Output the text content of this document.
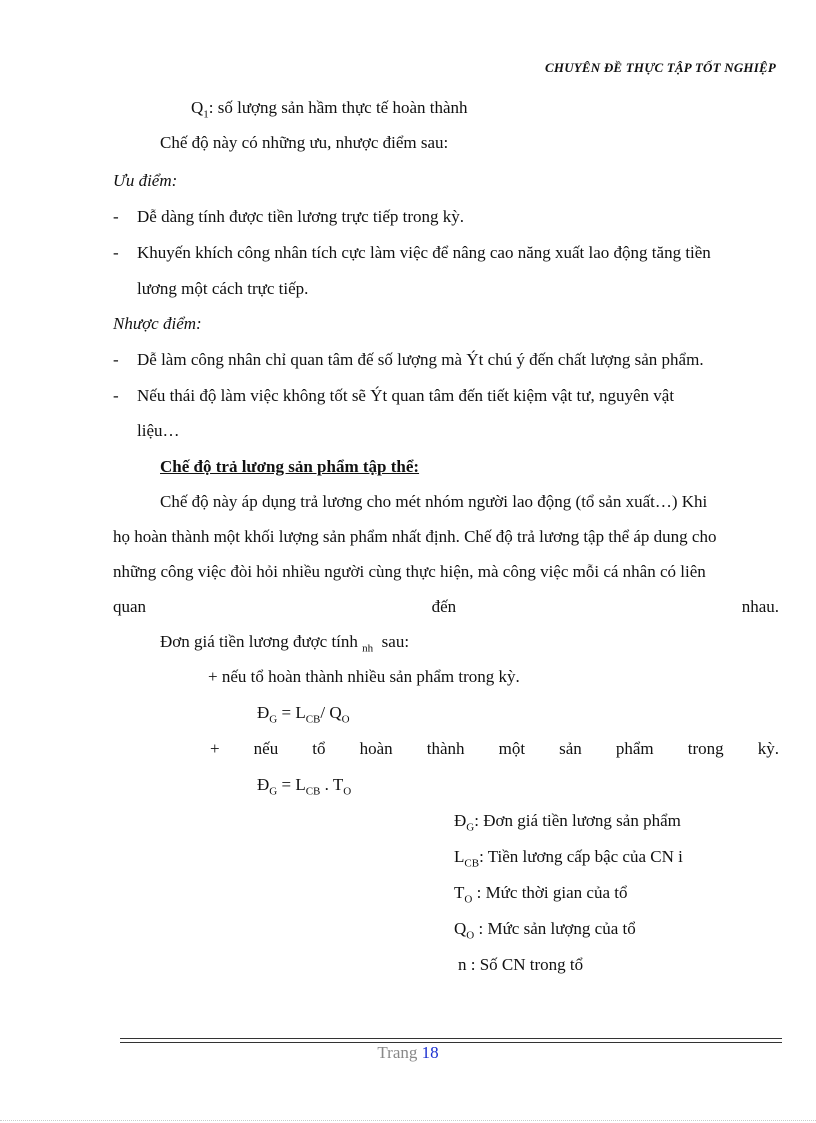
CHUYÊN ĐỀ THỰC TẬP TỐT NGHIỆP
$Q_1$: số lượng sản hầm thực tế hoàn thành
Chế độ này có những ưu, nhược điểm sau:
Ưu điểm:
- Dễ dàng tính được tiền lương trực tiếp trong kỳ.
- Khuyến khích công nhân tích cực làm việc để nâng cao năng xuất lao động tăng tiền
lương một cách trực tiếp.
Nhược điểm:
- Dễ làm công nhân chỉ quan tâm đế số lượng mà Ýt chú ý đến chất lượng sản phẩm.
- Nếu thái độ làm việc không tốt sẽ Ýt quan tâm đến tiết kiệm vật tư, nguyên vật
liệu…
Chế độ trả lương sản phẩm tập thể:
Chế độ này áp dụng trả lương cho mét nhóm người lao động (tổ sản xuất…) Khi
họ hoàn thành một khối lượng sản phẩm nhất định. Chế độ trả lương tập thể áp dung cho
những công việc đòi hỏi nhiều người cùng thực hiện, mà công việc mỗi cá nhân có liên
quan	đến	nhau.
Đơn giá tiền lương được tính $_{nh}$ sau:
+ nếu tổ hoàn thành nhiều sản phẩm trong kỳ.
$Đ_G = L_{CB}/$ $Q_O$
+ nếu tổ hoàn thành một sản phẩm trong kỳ.
$Đ_G = L_{CB}$ . $T_O$
$Đ_G$: Đơn giá tiền lương sản phẩm
$L_{CB}$: Tiền lương cấp bậc của CN i
$T_O$ : Mức thời gian của tổ
$Q_O$ : Mức sản lượng của tổ
n : Số CN trong tổ
Trang 18
